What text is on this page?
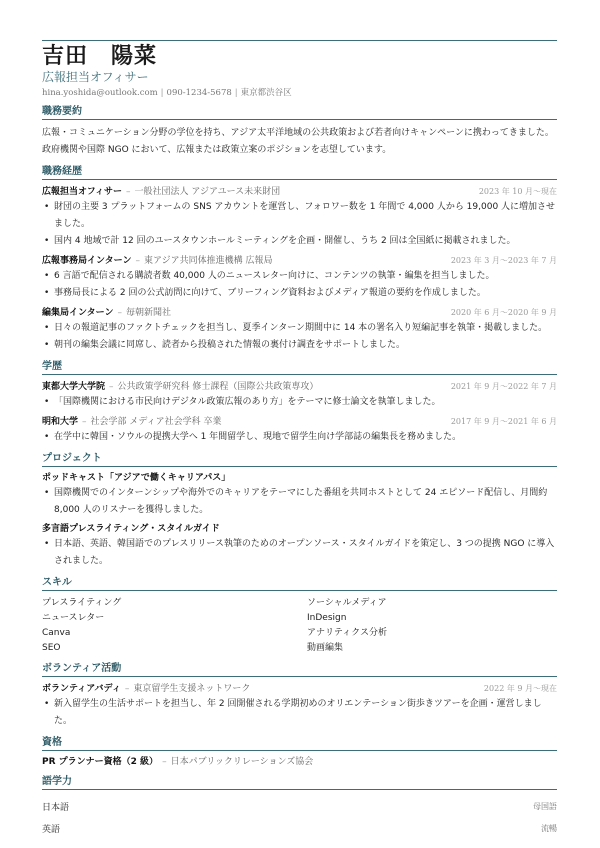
吉田　陽菜
広報担当オフィサー
hina.yoshida@outlook.com | 090-1234-5678 | 東京都渋谷区
職務要約
広報・コミュニケーション分野の学位を持ち、アジア太平洋地域の公共政策および若者向けキャンペーンに携わってきました。政府機関や国際 NGO において、広報または政策立案のポジションを志望しています。
職務経歴
広報担当オフィサー – 一般社団法人 アジアユース未来財団	2023 年 10 月〜現在
• 財団の主要 3 プラットフォームの SNS アカウントを運営し、フォロワー数を 1 年間で 4,000 人から 19,000 人に増加させました。
• 国内 4 地域で計 12 回のユースタウンホールミーティングを企画・開催し、うち 2 回は全国紙に掲載されました。
広報事務局インターン – 東アジア共同体推進機構 広報局	2023 年 3 月〜2023 年 7 月
• 6 言語で配信される購読者数 40,000 人のニュースレター向けに、コンテンツの執筆・編集を担当しました。
• 事務局長による 2 回の公式訪問に向けて、ブリーフィング資料およびメディア報道の要約を作成しました。
編集局インターン – 毎朝新聞社	2020 年 6 月〜2020 年 9 月
• 日々の報道記事のファクトチェックを担当し、夏季インターン期間中に 14 本の署名入り短編記事を執筆・掲載しました。
• 朝刊の編集会議に同席し、読者から投稿された情報の裏付け調査をサポートしました。
学歴
東都大学大学院 – 公共政策学研究科 修士課程（国際公共政策専攻）	2021 年 9 月〜2022 年 7 月
• 「国際機関における市民向けデジタル政策広報のあり方」をテーマに修士論文を執筆しました。
明和大学 – 社会学部 メディア社会学科 卒業	2017 年 9 月〜2021 年 6 月
• 在学中に韓国・ソウルの提携大学へ 1 年間留学し、現地で留学生向け学部誌の編集長を務めました。
プロジェクト
ポッドキャスト「アジアで働くキャリアパス」
• 国際機関でのインターンシップや海外でのキャリアをテーマにした番組を共同ホストとして 24 エピソード配信し、月間約 8,000 人のリスナーを獲得しました。
多言語プレスライティング・スタイルガイド
• 日本語、英語、韓国語でのプレスリリース執筆のためのオープンソース・スタイルガイドを策定し、3 つの提携 NGO に導入されました。
スキル
プレスライティング	ソーシャルメディア
ニュースレター	InDesign
Canva	アナリティクス分析
SEO	動画編集
ボランティア活動
ボランティアバディ – 東京留学生支援ネットワーク	2022 年 9 月〜現在
• 新入留学生の生活サポートを担当し、年 2 回開催される学期初めのオリエンテーション街歩きツアーを企画・運営しました。
資格
PR プランナー資格（2 級） – 日本パブリックリレーションズ協会
語学力
日本語	母国語
英語	流暢
